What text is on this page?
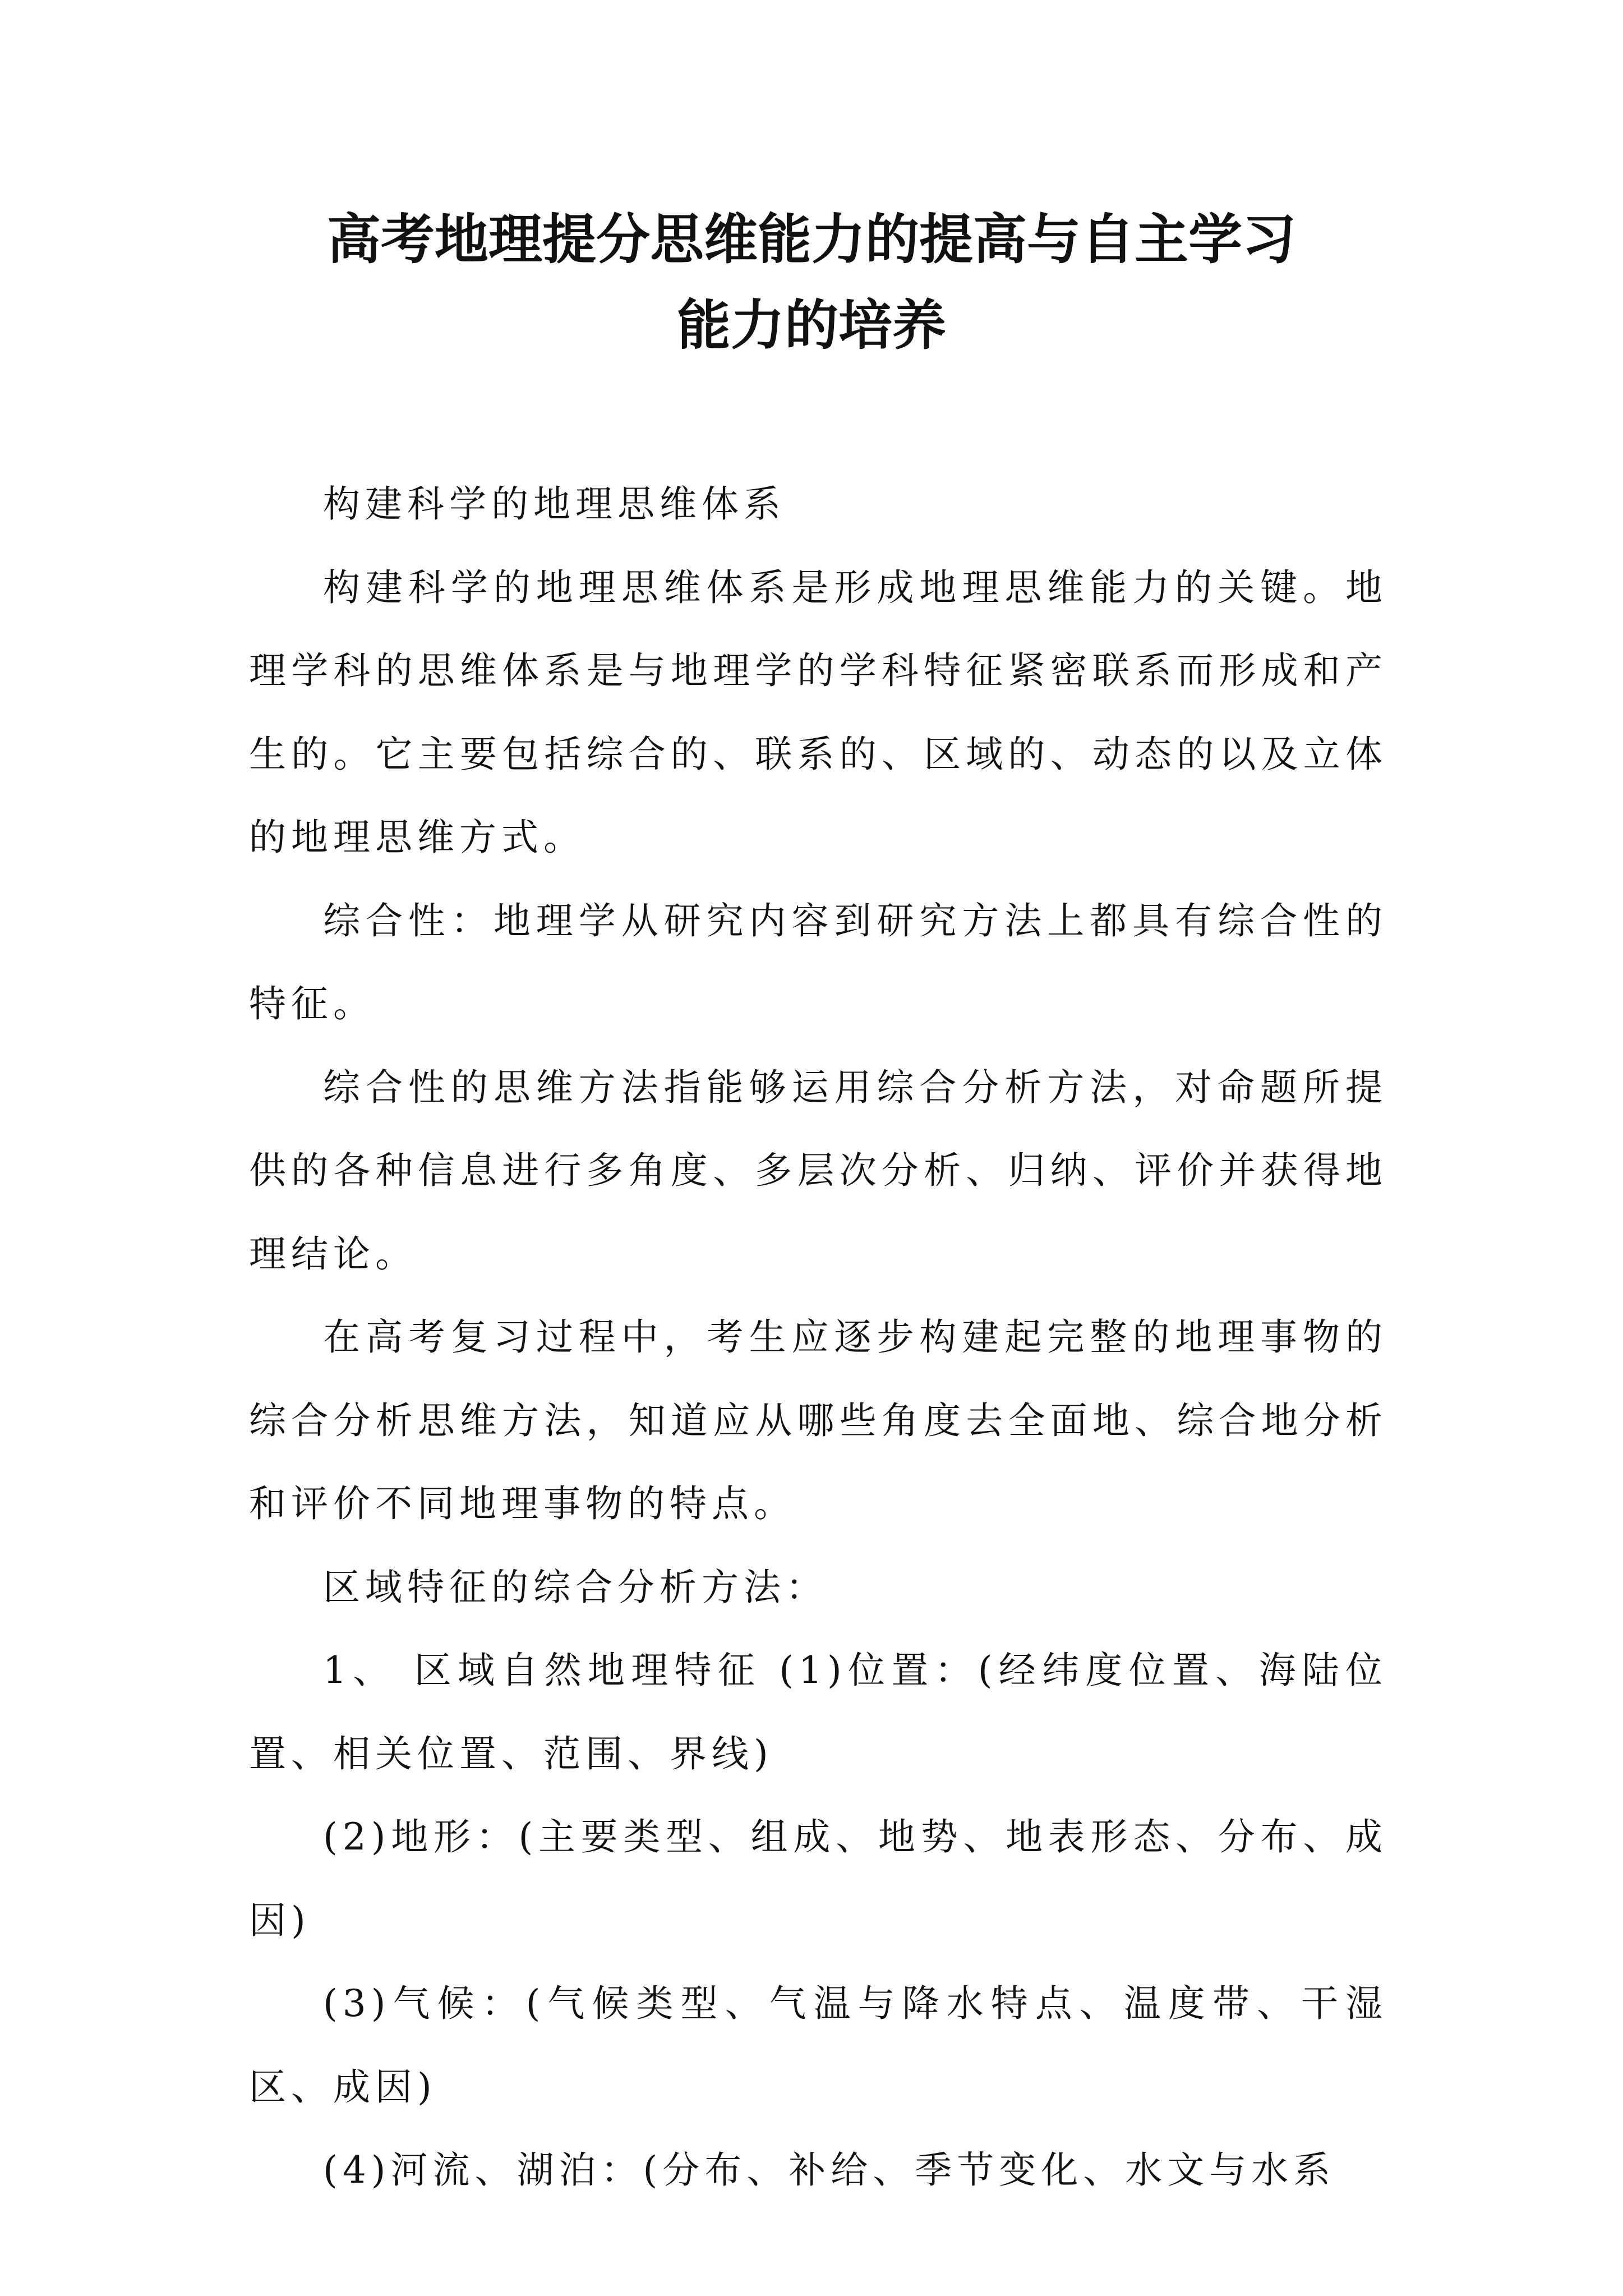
高考地理提分思维能力的提高与自主学习
能力的培养

构建科学的地理思维体系

构建科学的地理思维体系是形成地理思维能力的关键。地理学科的思维体系是与地理学的学科特征紧密联系而形成和产生的。它主要包括综合的、联系的、区域的、动态的以及立体的地理思维方式。

综合性：地理学从研究内容到研究方法上都具有综合性的特征。

综合性的思维方法指能够运用综合分析方法，对命题所提供的各种信息进行多角度、多层次分析、归纳、评价并获得地理结论。

在高考复习过程中，考生应逐步构建起完整的地理事物的综合分析思维方法，知道应从哪些角度去全面地、综合地分析和评价不同地理事物的特点。

区域特征的综合分析方法：

1、 区域自然地理特征 (1)位置：(经纬度位置、海陆位置、相关位置、范围、界线)

(2)地形：(主要类型、组成、地势、地表形态、分布、成因)

(3)气候：(气候类型、气温与降水特点、温度带、干湿区、成因)

(4)河流、湖泊：(分布、补给、季节变化、水文与水系
